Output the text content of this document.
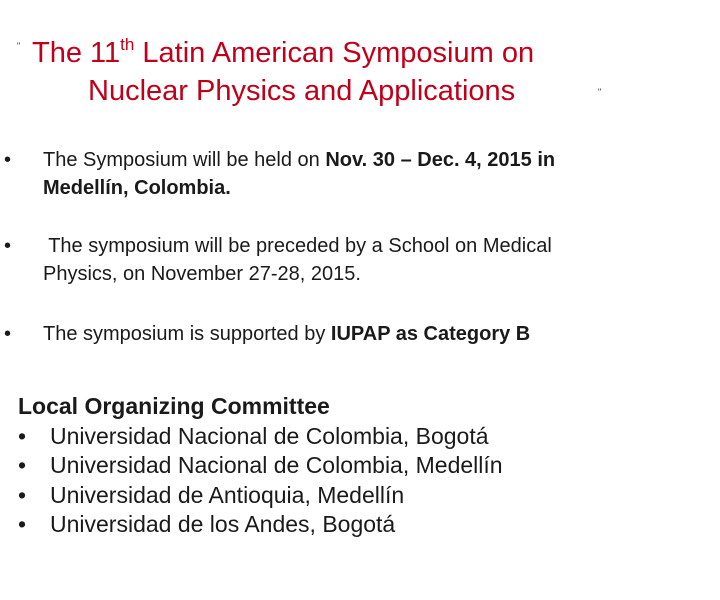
" The 11th Latin American Symposium on
Nuclear Physics and Applications	"
•	The Symposium will be held on Nov. 30 – Dec. 4, 2015 in
Medellín, Colombia.
•	The symposium will be preceded by a School on Medical
Physics, on November 27-28, 2015.
•	The symposium is supported by IUPAP as Category B
Local Organizing Committee
• Universidad Nacional de Colombia, Bogotá
• Universidad Nacional de Colombia, Medellín
• Universidad de Antioquia, Medellín
• Universidad de los Andes, Bogotá
